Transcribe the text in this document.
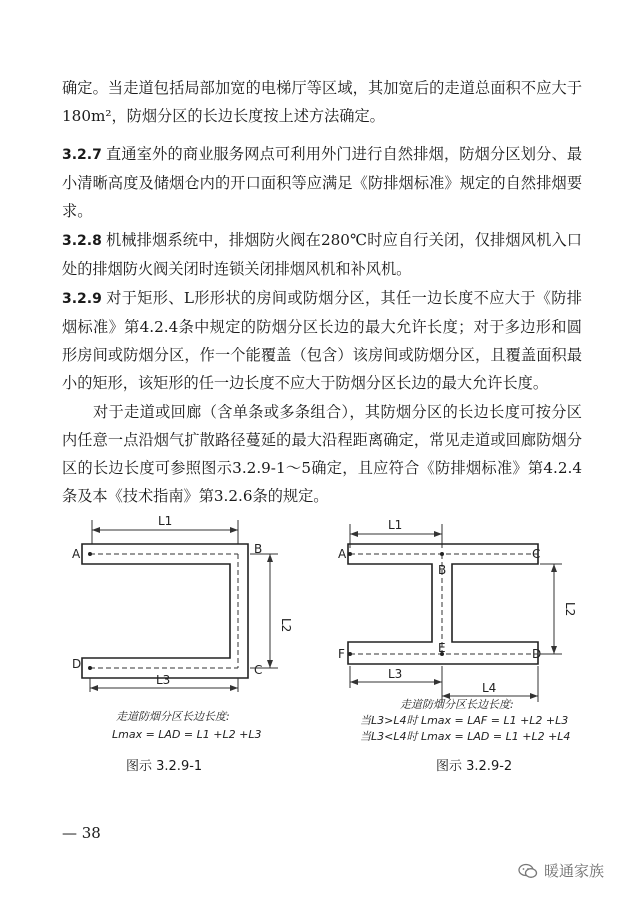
确定。当走道包括局部加宽的电梯厅等区域，其加宽后的走道总面积不应大于180m²，防烟分区的长边长度按上述方法确定。

3.2.7 直通室外的商业服务网点可利用外门进行自然排烟，防烟分区划分、最小清晰高度及储烟仓内的开口面积等应满足《防排烟标准》规定的自然排烟要求。

3.2.8 机械排烟系统中，排烟防火阀在280℃时应自行关闭，仅排烟风机入口处的排烟防火阀关闭时连锁关闭排烟风机和补风机。

3.2.9 对于矩形、L形形状的房间或防烟分区，其任一边长度不应大于《防排烟标准》第4.2.4条中规定的防烟分区长边的最大允许长度；对于多边形和圆形房间或防烟分区，作一个能覆盖（包含）该房间或防烟分区，且覆盖面积最小的矩形，该矩形的任一边长度不应大于防烟分区长边的最大允许长度。

对于走道或回廊（含单条或多条组合），其防烟分区的长边长度可按分区内任意一点沿烟气扩散路径蔓延的最大沿程距离确定，常见走道或回廊防烟分区的长边长度可参照图示3.2.9-1～5确定，且应符合《防排烟标准》第4.2.4条及本《技术指南》第3.2.6条的规定。

L1
A	B
C
D
L2
L3
走道防烟分区长边长度:
Lmax = LAD = L1 +L2 +L3
图示 3.2.9-1
L1
A
B
C
E
F	D
L2
L3
L4
走道防烟分区长边长度:
当L3>L4时 Lmax = LAF = L1 +L2 +L3
当L3<L4时 Lmax = LAD = L1 +L2 +L4
图示 3.2.9-2
— 38
暖通家族
